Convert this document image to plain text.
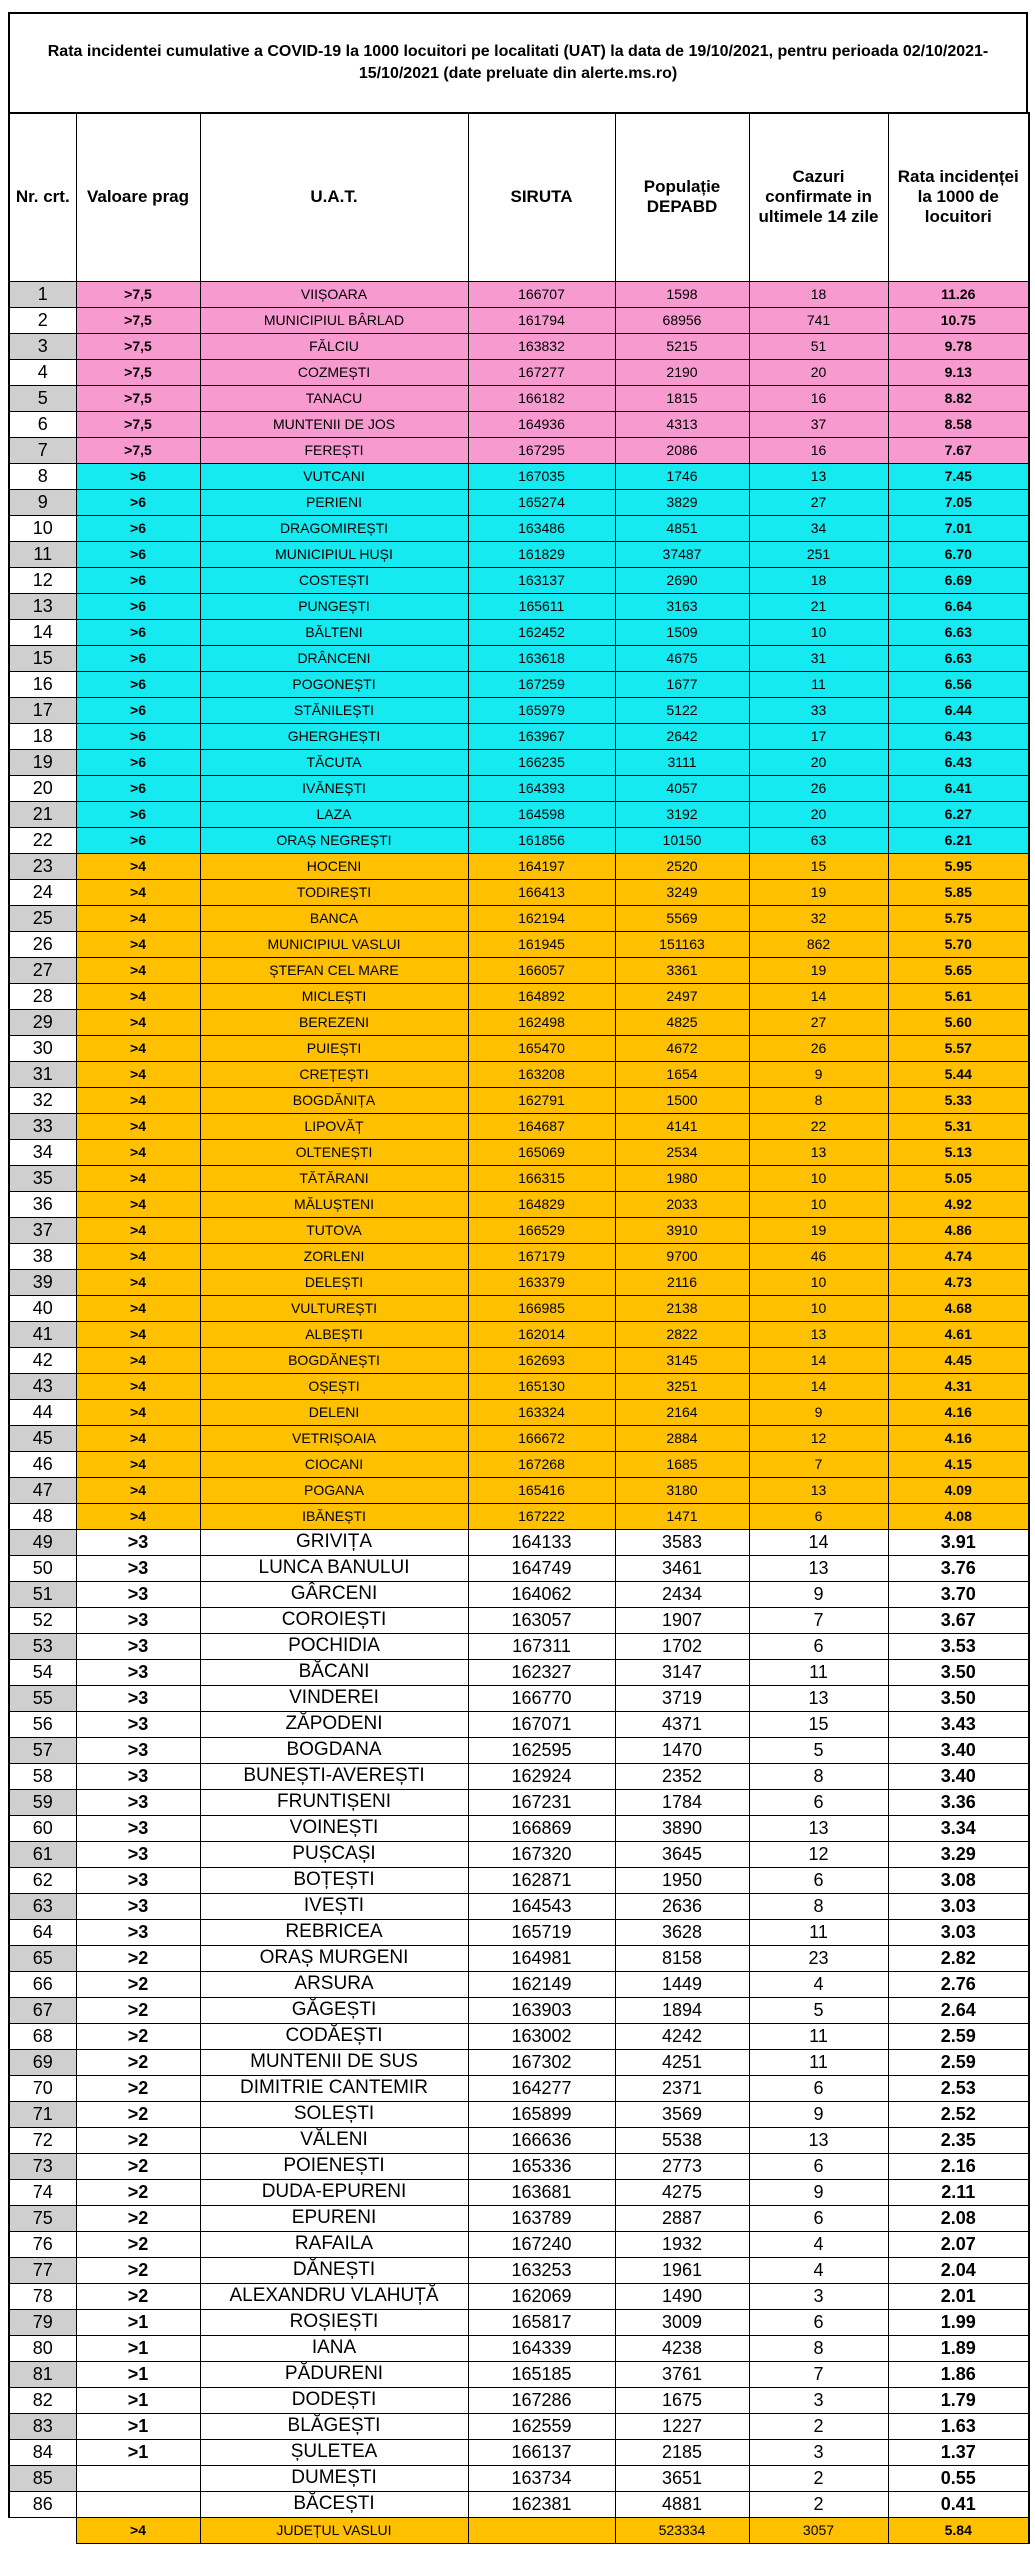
Rata incidentei cumulative a COVID-19 la 1000 locuitori pe localitati (UAT) la data de 19/10/2021, pentru perioada 02/10/2021-15/10/2021 (date preluate din alerte.ms.ro)
Nr. crt.	Valoare prag	U.A.T.	SIRUTA	Populație DEPABD	Cazuri confirmate in ultimele 14 zile	Rata incidenței la 1000 de locuitori
1	>7,5	VIIȘOARA	166707	1598	18	11.26
2	>7,5	MUNICIPIUL BÂRLAD	161794	68956	741	10.75
3	>7,5	FĂLCIU	163832	5215	51	9.78
4	>7,5	COZMEȘTI	167277	2190	20	9.13
5	>7,5	TANACU	166182	1815	16	8.82
6	>7,5	MUNTENII DE JOS	164936	4313	37	8.58
7	>7,5	FEREȘTI	167295	2086	16	7.67
8	>6	VUTCANI	167035	1746	13	7.45
9	>6	PERIENI	165274	3829	27	7.05
10	>6	DRAGOMIREȘTI	163486	4851	34	7.01
11	>6	MUNICIPIUL HUȘI	161829	37487	251	6.70
12	>6	COSTEȘTI	163137	2690	18	6.69
13	>6	PUNGEȘTI	165611	3163	21	6.64
14	>6	BĂLTENI	162452	1509	10	6.63
15	>6	DRÂNCENI	163618	4675	31	6.63
16	>6	POGONEȘTI	167259	1677	11	6.56
17	>6	STĂNILEȘTI	165979	5122	33	6.44
18	>6	GHERGHEȘTI	163967	2642	17	6.43
19	>6	TĂCUTA	166235	3111	20	6.43
20	>6	IVĂNEȘTI	164393	4057	26	6.41
21	>6	LAZA	164598	3192	20	6.27
22	>6	ORAȘ NEGREȘTI	161856	10150	63	6.21
23	>4	HOCENI	164197	2520	15	5.95
24	>4	TODIREȘTI	166413	3249	19	5.85
25	>4	BANCA	162194	5569	32	5.75
26	>4	MUNICIPIUL VASLUI	161945	151163	862	5.70
27	>4	ȘTEFAN CEL MARE	166057	3361	19	5.65
28	>4	MICLEȘTI	164892	2497	14	5.61
29	>4	BEREZENI	162498	4825	27	5.60
30	>4	PUIEȘTI	165470	4672	26	5.57
31	>4	CREȚEȘTI	163208	1654	9	5.44
32	>4	BOGDĂNIȚA	162791	1500	8	5.33
33	>4	LIPOVĂȚ	164687	4141	22	5.31
34	>4	OLTENEȘTI	165069	2534	13	5.13
35	>4	TĂTĂRANI	166315	1980	10	5.05
36	>4	MĂLUȘTENI	164829	2033	10	4.92
37	>4	TUTOVA	166529	3910	19	4.86
38	>4	ZORLENI	167179	9700	46	4.74
39	>4	DELEȘTI	163379	2116	10	4.73
40	>4	VULTUREȘTI	166985	2138	10	4.68
41	>4	ALBEȘTI	162014	2822	13	4.61
42	>4	BOGDĂNEȘTI	162693	3145	14	4.45
43	>4	OȘEȘTI	165130	3251	14	4.31
44	>4	DELENI	163324	2164	9	4.16
45	>4	VETRIȘOAIA	166672	2884	12	4.16
46	>4	CIOCANI	167268	1685	7	4.15
47	>4	POGANA	165416	3180	13	4.09
48	>4	IBĂNEȘTI	167222	1471	6	4.08
49	>3	GRIVIȚA	164133	3583	14	3.91
50	>3	LUNCA BANULUI	164749	3461	13	3.76
51	>3	GÂRCENI	164062	2434	9	3.70
52	>3	COROIEȘTI	163057	1907	7	3.67
53	>3	POCHIDIA	167311	1702	6	3.53
54	>3	BĂCANI	162327	3147	11	3.50
55	>3	VINDEREI	166770	3719	13	3.50
56	>3	ZĂPODENI	167071	4371	15	3.43
57	>3	BOGDANA	162595	1470	5	3.40
58	>3	BUNEȘTI-AVEREȘTI	162924	2352	8	3.40
59	>3	FRUNTIȘENI	167231	1784	6	3.36
60	>3	VOINEȘTI	166869	3890	13	3.34
61	>3	PUȘCAȘI	167320	3645	12	3.29
62	>3	BOȚEȘTI	162871	1950	6	3.08
63	>3	IVEȘTI	164543	2636	8	3.03
64	>3	REBRICEA	165719	3628	11	3.03
65	>2	ORAȘ MURGENI	164981	8158	23	2.82
66	>2	ARSURA	162149	1449	4	2.76
67	>2	GĂGEȘTI	163903	1894	5	2.64
68	>2	CODĂEȘTI	163002	4242	11	2.59
69	>2	MUNTENII DE SUS	167302	4251	11	2.59
70	>2	DIMITRIE CANTEMIR	164277	2371	6	2.53
71	>2	SOLEȘTI	165899	3569	9	2.52
72	>2	VĂLENI	166636	5538	13	2.35
73	>2	POIENEȘTI	165336	2773	6	2.16
74	>2	DUDA-EPURENI	163681	4275	9	2.11
75	>2	EPURENI	163789	2887	6	2.08
76	>2	RAFAILA	167240	1932	4	2.07
77	>2	DĂNEȘTI	163253	1961	4	2.04
78	>2	ALEXANDRU VLAHUȚĂ	162069	1490	3	2.01
79	>1	ROȘIEȘTI	165817	3009	6	1.99
80	>1	IANA	164339	4238	8	1.89
81	>1	PĂDURENI	165185	3761	7	1.86
82	>1	DODEȘTI	167286	1675	3	1.79
83	>1	BLĂGEȘTI	162559	1227	2	1.63
84	>1	ȘULETEA	166137	2185	3	1.37
85		DUMEȘTI	163734	3651	2	0.55
86		BĂCEȘTI	162381	4881	2	0.41
	>4	JUDEȚUL VASLUI		523334	3057	5.84
